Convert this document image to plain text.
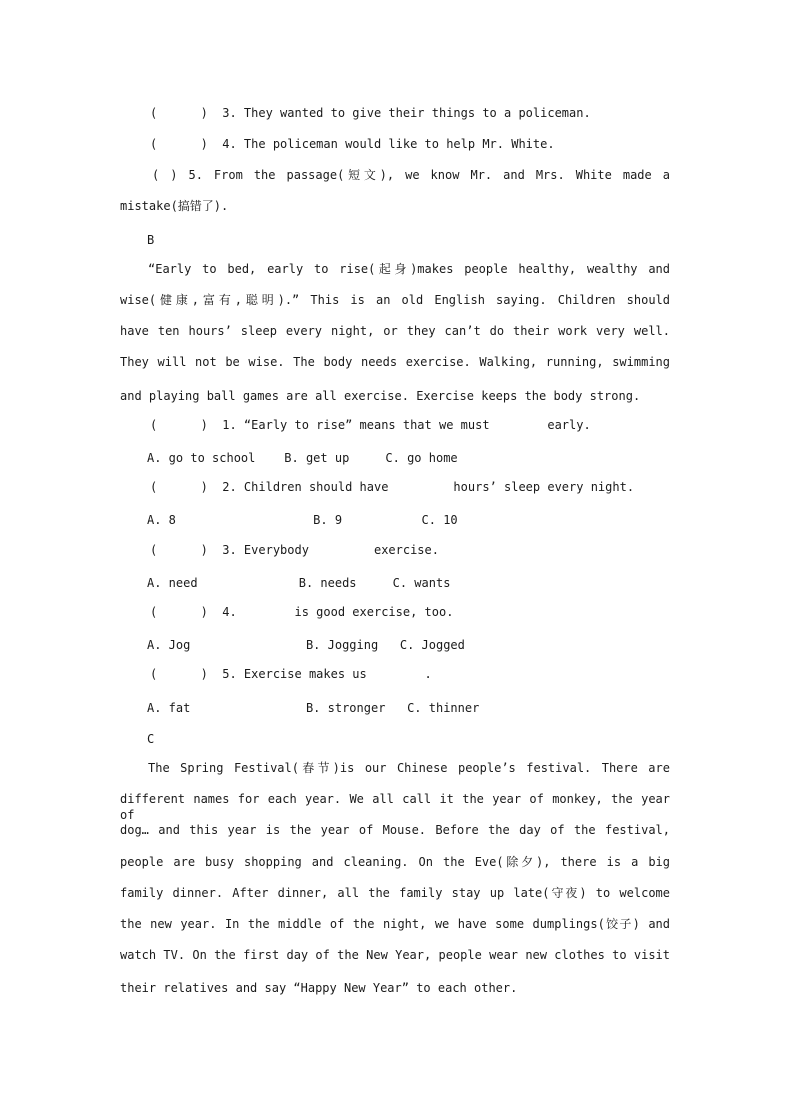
(      )  3. They wanted to give their things to a policeman.
(      )  4. The policeman would like to help Mr. White.
( ) 5. From the passage(短文), we know Mr. and Mrs. White made a
mistake(搞错了).
B
“Early to bed, early to rise(起身)makes people healthy, wealthy and
wise(健康,富有,聪明).” This is an old English saying. Children should
have ten hours’ sleep every night, or they can’t do their work very well.
They will not be wise. The body needs exercise. Walking, running, swimming
and playing ball games are all exercise. Exercise keeps the body strong.
(      )  1. “Early to rise” means that we must        early.
A. go to school    B. get up     C. go home
(      )  2. Children should have         hours’ sleep every night.
A. 8                   B. 9           C. 10
(      )  3. Everybody         exercise.
A. need              B. needs     C. wants
(      )  4.        is good exercise, too.
A. Jog                B. Jogging   C. Jogged
(      )  5. Exercise makes us        .
A. fat                B. stronger   C. thinner
C
The Spring Festival(春节)is our Chinese people’s festival. There are
different names for each year. We all call it the year of monkey, the year of
dog… and this year is the year of Mouse. Before the day of the festival,
people are busy shopping and cleaning. On the Eve(除夕), there is a big
family dinner. After dinner, all the family stay up late(守夜) to welcome
the new year. In the middle of the night, we have some dumplings(饺子) and
watch TV. On the first day of the New Year, people wear new clothes to visit
their relatives and say “Happy New Year” to each other.
